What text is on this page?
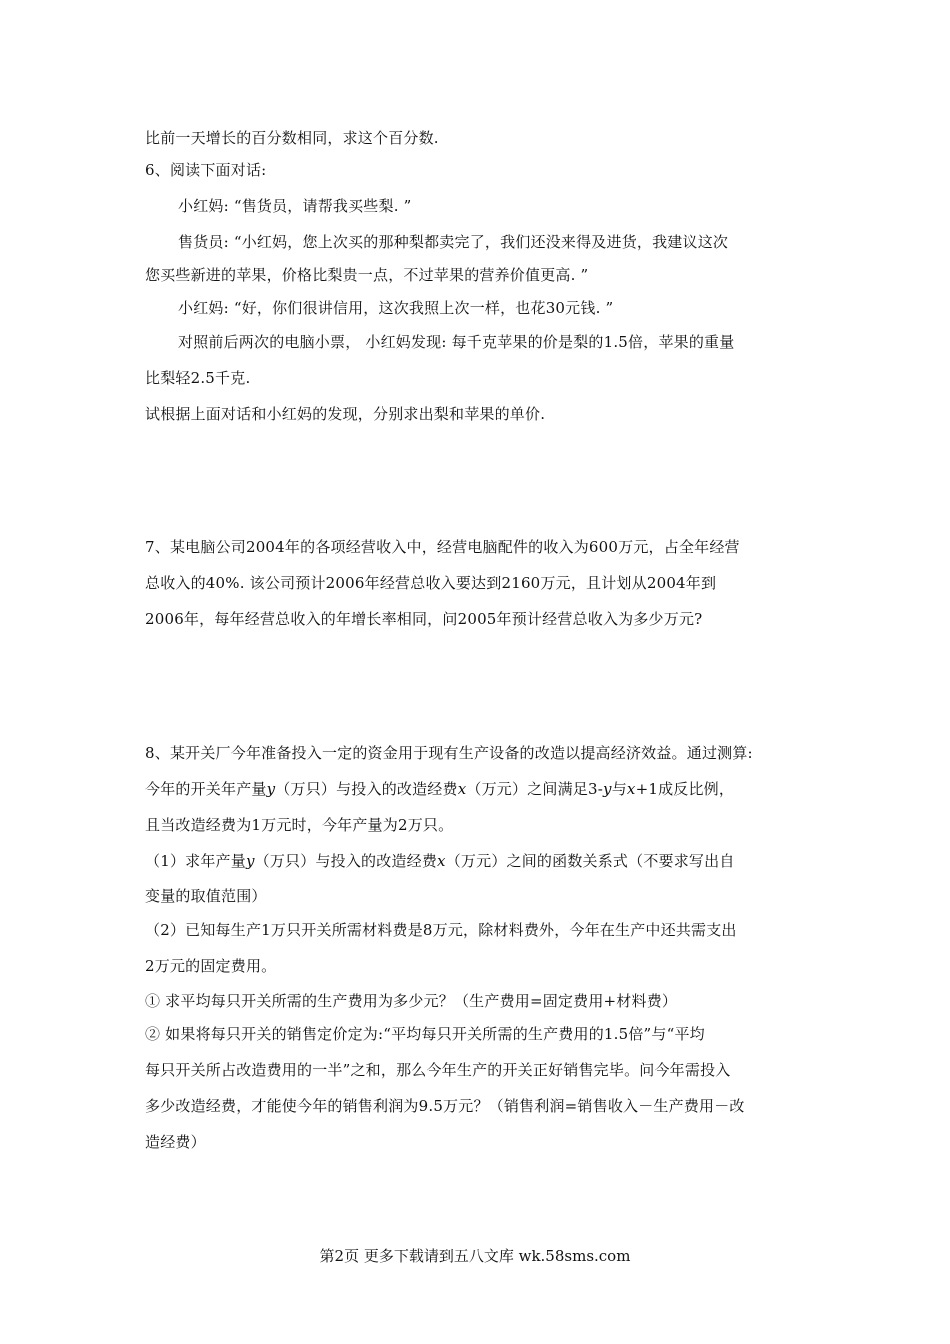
比前一天增长的百分数相同，求这个百分数.
6、阅读下面对话:
小红妈: “售货员，请帮我买些梨. ”
售货员: “小红妈，您上次买的那种梨都卖完了，我们还没来得及进货，我建议这次
您买些新进的苹果，价格比梨贵一点，不过苹果的营养价值更高. ”
小红妈: “好，你们很讲信用，这次我照上次一样，也花30元钱. ”
对照前后两次的电脑小票， 小红妈发现: 每千克苹果的价是梨的1.5倍，苹果的重量
比梨轻2.5千克.
试根据上面对话和小红妈的发现，分别求出梨和苹果的单价.
7、某电脑公司2004年的各项经营收入中，经营电脑配件的收入为600万元，占全年经营
总收入的40%. 该公司预计2006年经营总收入要达到2160万元，且计划从2004年到
2006年，每年经营总收入的年增长率相同，问2005年预计经营总收入为多少万元?
8、某开关厂今年准备投入一定的资金用于现有生产设备的改造以提高经济效益。通过测算:
今年的开关年产量y（万只）与投入的改造经费x（万元）之间满足3-y与x+1成反比例，
且当改造经费为1万元时，今年产量为2万只。
（1）求年产量y（万只）与投入的改造经费x（万元）之间的函数关系式（不要求写出自
变量的取值范围）
（2）已知每生产1万只开关所需材料费是8万元，除材料费外，今年在生产中还共需支出
2万元的固定费用。
① 求平均每只开关所需的生产费用为多少元？（生产费用=固定费用+材料费）
② 如果将每只开关的销售定价定为:“平均每只开关所需的生产费用的1.5倍”与“平均
每只开关所占改造费用的一半”之和，那么今年生产的开关正好销售完毕。问今年需投入
多少改造经费，才能使今年的销售利润为9.5万元？（销售利润=销售收入－生产费用－改
造经费）
第2页 更多下载请到五八文库 wk.58sms.com
